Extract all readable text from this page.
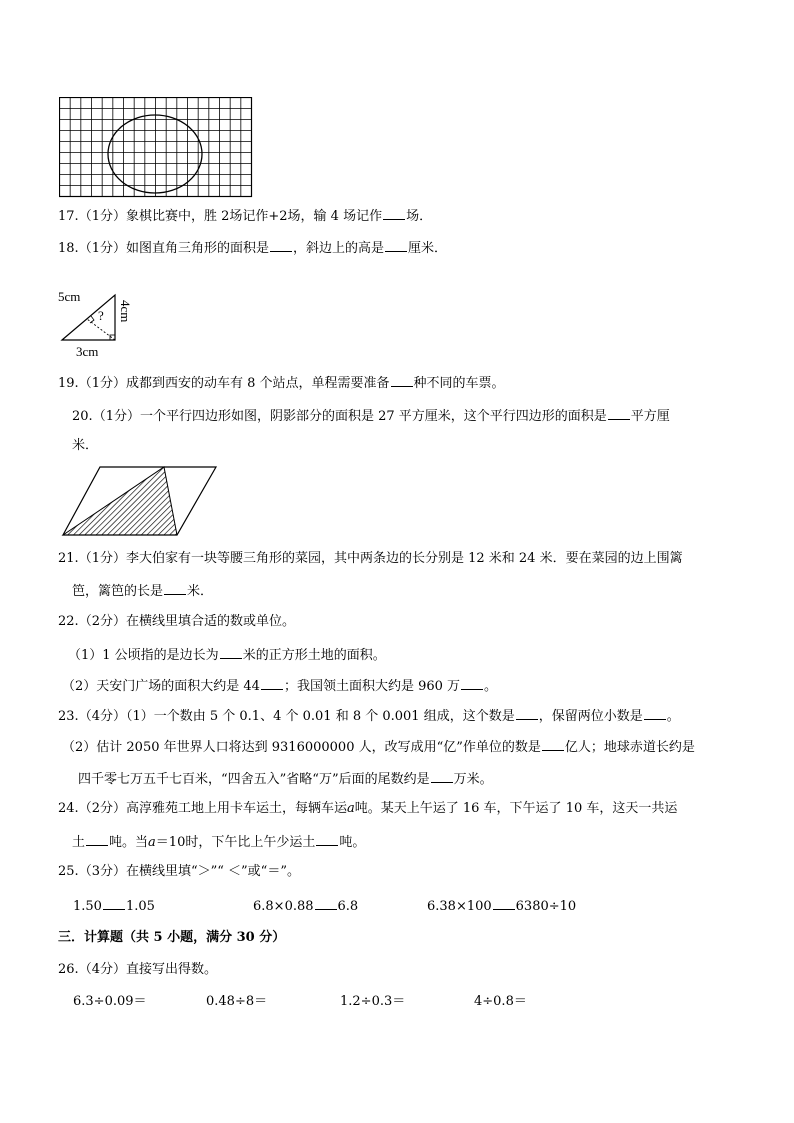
17.（1分）象棋比赛中，胜 2场记作+2场，输 4 场记作 场．
18.（1分）如图直角三角形的面积是 ，斜边上的高是 厘米．
5cm
? 4cm
3cm
19.（1分）成都到西安的动车有 8 个站点，单程需要准备 种不同的车票。
20.（1分）一个平行四边形如图，阴影部分的面积是 27 平方厘米，这个平行四边形的面积是 平方厘
米．
21.（1分）李大伯家有一块等腰三角形的菜园，其中两条边的长分别是 12 米和 24 米．要在菜园的边上围篱
笆，篱笆的长是 米．
22.（2分）在横线里填合适的数或单位。
（1）1 公顷指的是边长为 米的正方形土地的面积。
（2）天安门广场的面积大约是 44 ；我国领土面积大约是 960 万 。
23.（4分）（1）一个数由 5 个 0.1、4 个 0.01 和 8 个 0.001 组成，这个数是 ，保留两位小数是 。
（2）估计 2050 年世界人口将达到 9316000000 人，改写成用“亿”作单位的数是 亿人；地球赤道长约是
四千零七万五千七百米，“四舍五入”省略“万”后面的尾数约是 万米。
24.（2分）高淳雅苑工地上用卡车运土，每辆车运a吨。某天上午运了 16 车，下午运了 10 车，这天一共运
土 吨。当a＝10时，下午比上午少运土 吨。
25.（3分）在横线里填“＞”“ ＜”或“＝”。
1.50 1.05	6.8×0.88 6.8	6.38×100 6380÷10
三．计算题（共 5 小题，满分 30 分）
26.（4分）直接写出得数。
6.3÷0.09＝	0.48÷8＝	1.2÷0.3＝	4÷0.8＝
